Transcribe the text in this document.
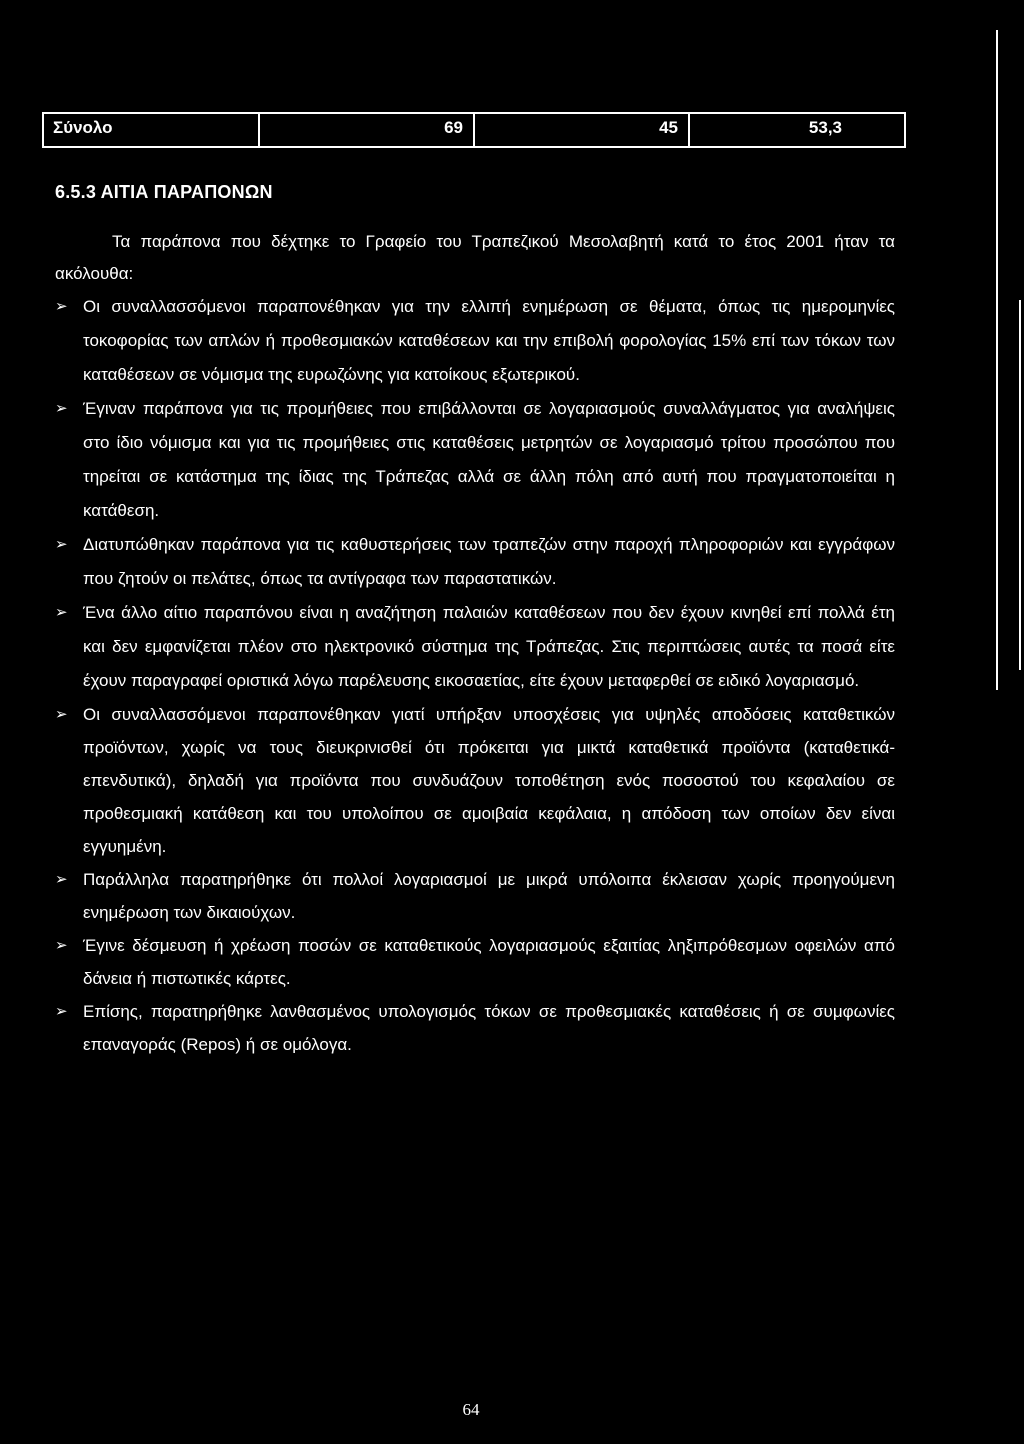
Σύνολο	69	45	53,3
6.5.3 ΑΙΤΙΑ ΠΑΡΑΠΟΝΩΝ

Τα παράπονα που δέχτηκε το Γραφείο του Τραπεζικού Μεσολαβητή κατά το έτος 2001 ήταν τα ακόλουθα:

➢ Οι συναλλασσόμενοι παραπονέθηκαν για την ελλιπή ενημέρωση σε θέματα, όπως τις ημερομηνίες τοκοφορίας των απλών ή προθεσμιακών καταθέσεων και την επιβολή φορολογίας 15% επί των τόκων των καταθέσεων σε νόμισμα της ευρωζώνης για κατοίκους εξωτερικού.
➢ Έγιναν παράπονα για τις προμήθειες που επιβάλλονται σε λογαριασμούς συναλλάγματος για αναλήψεις στο ίδιο νόμισμα και για τις προμήθειες στις καταθέσεις μετρητών σε λογαριασμό τρίτου προσώπου που τηρείται σε κατάστημα της ίδιας της Τράπεζας αλλά σε άλλη πόλη από αυτή που πραγματοποιείται η κατάθεση.
➢ Διατυπώθηκαν παράπονα για τις καθυστερήσεις των τραπεζών στην παροχή πληροφοριών και εγγράφων που ζητούν οι πελάτες, όπως τα αντίγραφα των παραστατικών.
➢ Ένα άλλο αίτιο παραπόνου είναι η αναζήτηση παλαιών καταθέσεων που δεν έχουν κινηθεί επί πολλά έτη και δεν εμφανίζεται πλέον στο ηλεκτρονικό σύστημα της Τράπεζας. Στις περιπτώσεις αυτές τα ποσά είτε έχουν παραγραφεί οριστικά λόγω παρέλευσης εικοσαετίας, είτε έχουν μεταφερθεί σε ειδικό λογαριασμό.
➢ Οι συναλλασσόμενοι παραπονέθηκαν γιατί υπήρξαν υποσχέσεις για υψηλές αποδόσεις καταθετικών προϊόντων, χωρίς να τους διευκρινισθεί ότι πρόκειται για μικτά καταθετικά προϊόντα (καταθετικά-επενδυτικά), δηλαδή για προϊόντα που συνδυάζουν τοποθέτηση ενός ποσοστού του κεφαλαίου σε προθεσμιακή κατάθεση και του υπολοίπου σε αμοιβαία κεφάλαια, η απόδοση των οποίων δεν είναι εγγυημένη.
➢ Παράλληλα παρατηρήθηκε ότι πολλοί λογαριασμοί με μικρά υπόλοιπα έκλεισαν χωρίς προηγούμενη ενημέρωση των δικαιούχων.
➢ Έγινε δέσμευση ή χρέωση ποσών σε καταθετικούς λογαριασμούς εξαιτίας ληξιπρόθεσμων οφειλών από δάνεια ή πιστωτικές κάρτες.
➢ Επίσης, παρατηρήθηκε λανθασμένος υπολογισμός τόκων σε προθεσμιακές καταθέσεις ή σε συμφωνίες επαναγοράς (Repos) ή σε ομόλογα.
64
